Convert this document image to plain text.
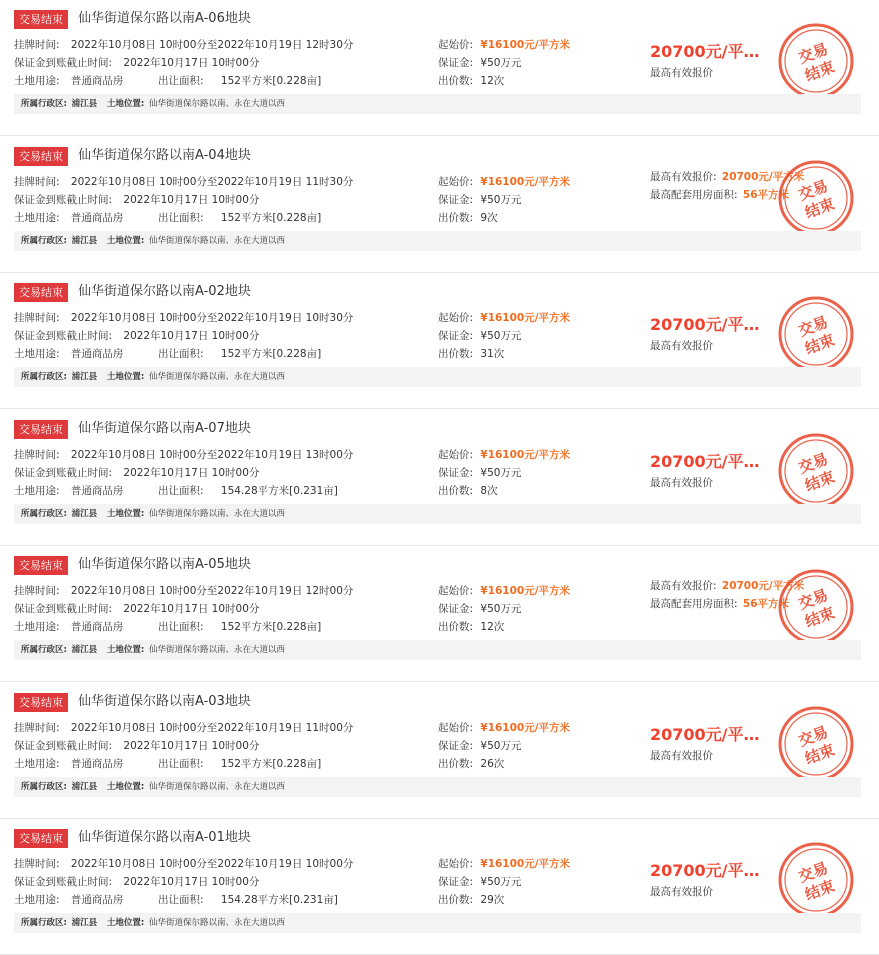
交易结束	仙华街道保尔路以南A-06地块
挂牌时间: 2022年10月08日 10时00分至2022年10月19日 12时30分
保证金到账截止时间: 2022年10月17日 10时00分
土地用途: 普通商品房	出让面积: 152平方米[0.228亩]
起始价: ¥16100元/平方米
保证金: ¥50万元
出价数: 12次
20700元/平…
最高有效报价
交易
结束
所属行政区: 浦江县 土地位置: 仙华街道保尔路以南、永在大道以西
交易结束	仙华街道保尔路以南A-04地块
挂牌时间: 2022年10月08日 10时00分至2022年10月19日 11时30分
保证金到账截止时间: 2022年10月17日 10时00分
土地用途: 普通商品房	出让面积: 152平方米[0.228亩]
起始价: ¥16100元/平方米
保证金: ¥50万元
出价数: 9次
最高有效报价: 20700元/平方米
最高配套用房面积: 56平方米 交易
结束
所属行政区: 浦江县 土地位置: 仙华街道保尔路以南、永在大道以西
交易结束	仙华街道保尔路以南A-02地块
挂牌时间: 2022年10月08日 10时00分至2022年10月19日 10时30分
保证金到账截止时间: 2022年10月17日 10时00分
土地用途: 普通商品房	出让面积: 152平方米[0.228亩]
起始价: ¥16100元/平方米
保证金: ¥50万元
出价数: 31次
20700元/平…
最高有效报价
交易
结束
所属行政区: 浦江县 土地位置: 仙华街道保尔路以南、永在大道以西
交易结束	仙华街道保尔路以南A-07地块
挂牌时间: 2022年10月08日 10时00分至2022年10月19日 13时00分
保证金到账截止时间: 2022年10月17日 10时00分
土地用途: 普通商品房	出让面积: 154.28平方米[0.231亩]
起始价: ¥16100元/平方米
保证金: ¥50万元
出价数: 8次
20700元/平…
最高有效报价
交易
结束
所属行政区: 浦江县 土地位置: 仙华街道保尔路以南、永在大道以西
交易结束	仙华街道保尔路以南A-05地块
挂牌时间: 2022年10月08日 10时00分至2022年10月19日 12时00分
保证金到账截止时间: 2022年10月17日 10时00分
土地用途: 普通商品房	出让面积: 152平方米[0.228亩]
起始价: ¥16100元/平方米
保证金: ¥50万元
出价数: 12次
最高有效报价: 20700元/平方米
最高配套用房面积: 56平方米 交易
结束
所属行政区: 浦江县 土地位置: 仙华街道保尔路以南、永在大道以西
交易结束	仙华街道保尔路以南A-03地块
挂牌时间: 2022年10月08日 10时00分至2022年10月19日 11时00分
保证金到账截止时间: 2022年10月17日 10时00分
土地用途: 普通商品房	出让面积: 152平方米[0.228亩]
起始价: ¥16100元/平方米
保证金: ¥50万元
出价数: 26次
20700元/平…
最高有效报价
交易
结束
所属行政区: 浦江县 土地位置: 仙华街道保尔路以南、永在大道以西
交易结束	仙华街道保尔路以南A-01地块
挂牌时间: 2022年10月08日 10时00分至2022年10月19日 10时00分
保证金到账截止时间: 2022年10月17日 10时00分
土地用途: 普通商品房	出让面积: 154.28平方米[0.231亩]
起始价: ¥16100元/平方米
保证金: ¥50万元
出价数: 29次
20700元/平…
最高有效报价
交易
结束
所属行政区: 浦江县 土地位置: 仙华街道保尔路以南、永在大道以西
